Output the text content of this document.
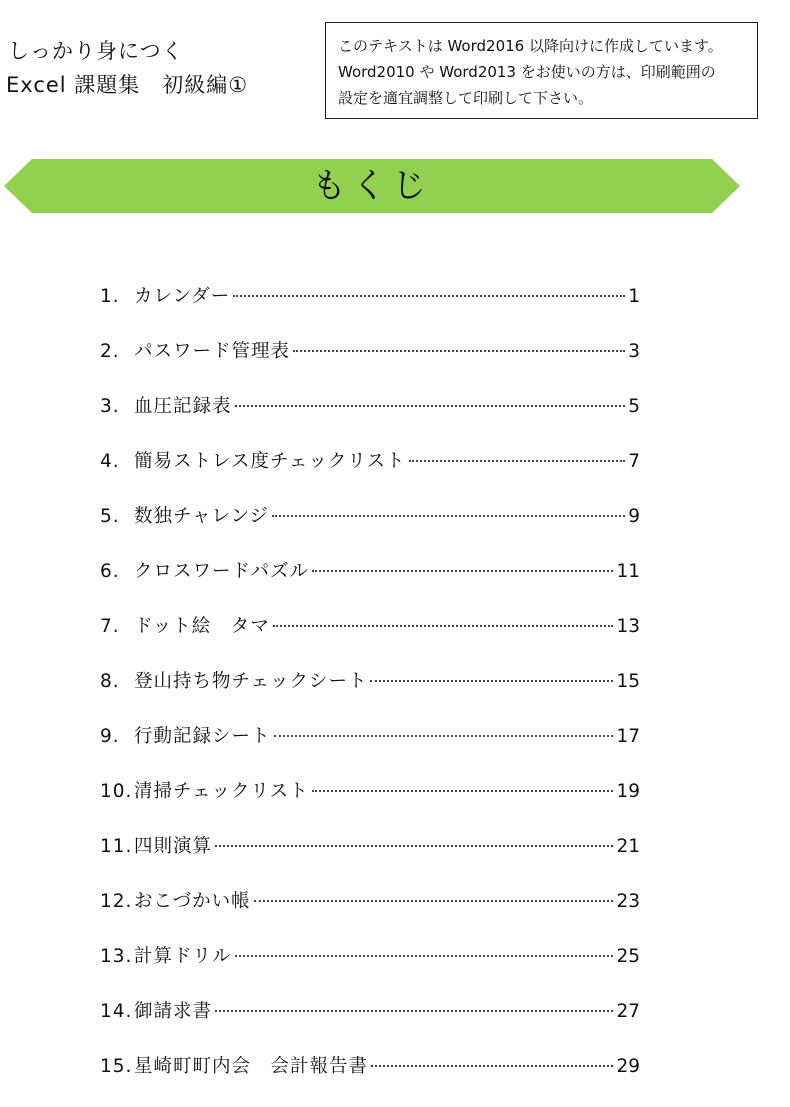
しっかり身につく
Excel 課題集　初級編①
このテキストは Word2016 以降向けに作成しています。
Word2010 や Word2013 をお使いの方は、印刷範囲の
設定を適宜調整して印刷して下さい。
もくじ
1. カレンダー	1
2. パスワード管理表	3
3. 血圧記録表	5
4. 簡易ストレス度チェックリスト	7
5. 数独チャレンジ	9
6. クロスワードパズル	11
7. ドット絵　タマ	13
8. 登山持ち物チェックシート	15
9. 行動記録シート	17
10. 清掃チェックリスト	19
11. 四則演算	21
12. おこづかい帳	23
13. 計算ドリル	25
14. 御請求書	27
15. 星崎町町内会　会計報告書	29
